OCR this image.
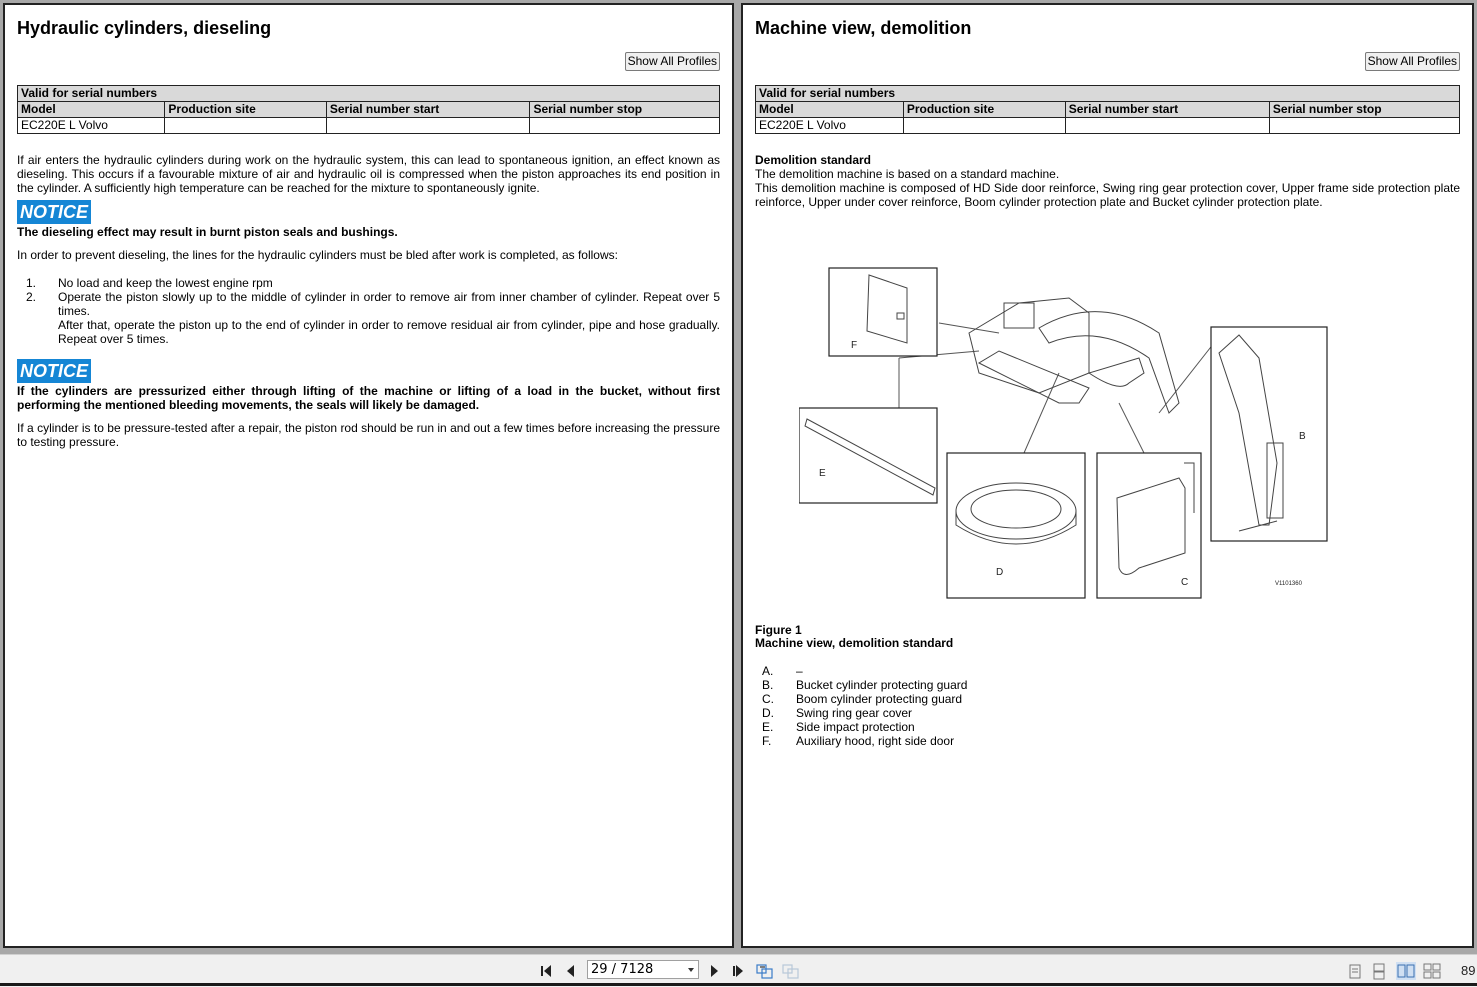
Hydraulic cylinders, dieseling
Show All Profiles
Valid for serial numbers			
Model	Production site	Serial number start	Serial number stop
EC220E L Volvo			
If air enters the hydraulic cylinders during work on the hydraulic system, this can lead to spontaneous ignition, an effect known as dieseling. This occurs if a favourable mixture of air and hydraulic oil is compressed when the piston approaches its end position in the cylinder. A sufficiently high temperature can be reached for the mixture to spontaneously ignite.
NOTICE
The dieseling effect may result in burnt piston seals and bushings.
In order to prevent dieseling, the lines for the hydraulic cylinders must be bled after work is completed, as follows:
1. No load and keep the lowest engine rpm
2. Operate the piston slowly up to the middle of cylinder in order to remove air from inner chamber of cylinder. Repeat over 5 times.
After that, operate the piston up to the end of cylinder in order to remove residual air from cylinder, pipe and hose gradually. Repeat over 5 times.
NOTICE
If the cylinders are pressurized either through lifting of the machine or lifting of a load in the bucket, without first performing the mentioned bleeding movements, the seals will likely be damaged.
If a cylinder is to be pressure-tested after a repair, the piston rod should be run in and out a few times before increasing the pressure to testing pressure.
Machine view, demolition
Show All Profiles
Valid for serial numbers			
Model	Production site	Serial number start	Serial number stop
EC220E L Volvo			
Demolition standard
The demolition machine is based on a standard machine.
This demolition machine is composed of HD Side door reinforce, Swing ring gear protection cover, Upper frame side protection plate reinforce, Upper under cover reinforce, Boom cylinder protection plate and Bucket cylinder protection plate.
F
E
D
C
B
V1101360
Figure 1
Machine view, demolition standard
A. –
B. Bucket cylinder protecting guard
C. Boom cylinder protecting guard
D. Swing ring gear cover
E. Side impact protection
F. Auxiliary hood, right side door
29 / 7128	89
